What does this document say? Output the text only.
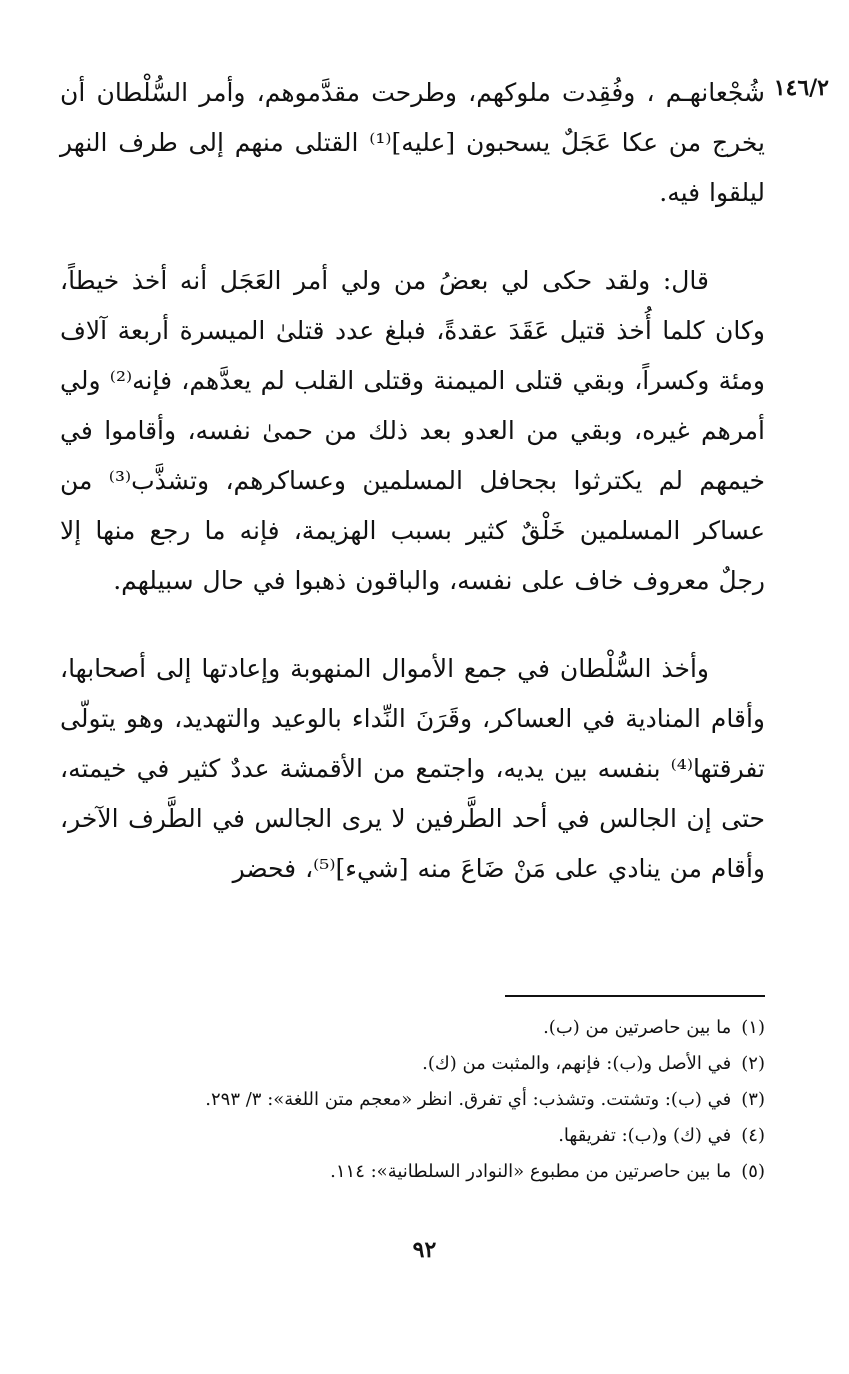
١٤٦/٢

شُجْعانهـم ، وفُقِدت ملوكهم، وطرحت مقدَّموهم، وأمر السُّلْطان أن يخرج من عكا عَجَلٌ يسحبون [عليه]⁽¹⁾ القتلى منهم إلى طرف النهر ليلقوا فيه.

قال: ولقد حكى لي بعضُ من ولي أمر العَجَل أنه أخذ خيطاً، وكان كلما أُخذ قتيل عَقَدَ عقدةً، فبلغ عدد قتلىٰ الميسرة أربعة آلاف ومئة وكسراً، وبقي قتلى الميمنة وقتلى القلب لم يعدَّهم، فإنه⁽²⁾ ولي أمرهم غيره، وبقي من العدو بعد ذلك من حمىٰ نفسه، وأقاموا في خيمهم لم يكترثوا بجحافل المسلمين وعساكرهم، وتشذَّب⁽³⁾ من عساكر المسلمين خَلْقٌ كثير بسبب الهزيمة، فإنه ما رجع منها إلا رجلٌ معروف خاف على نفسه، والباقون ذهبوا في حال سبيلهم.

وأخذ السُّلْطان في جمع الأموال المنهوبة وإعادتها إلى أصحابها، وأقام المنادية في العساكر، وقَرَنَ النِّداء بالوعيد والتهديد، وهو يتولّى تفرقتها⁽⁴⁾ بنفسه بين يديه، واجتمع من الأقمشة عددٌ كثير في خيمته، حتى إن الجالس في أحد الطَّرفين لا يرى الجالس في الطَّرف الآخر، وأقام من ينادي على مَنْ ضَاعَ منه [شيء]⁽⁵⁾، فحضر

(١)ما بين حاصرتين من (ب).
(٢)في الأصل و(ب): فإنهم، والمثبت من (ك).
(٣)في (ب): وتشتت. وتشذب: أي تفرق. انظر «معجم متن اللغة»: ٣/ ٢٩٣.
(٤)في (ك) و(ب): تفريقها.
(٥)ما بين حاصرتين من مطبوع «النوادر السلطانية»: ١١٤.
٩٢
